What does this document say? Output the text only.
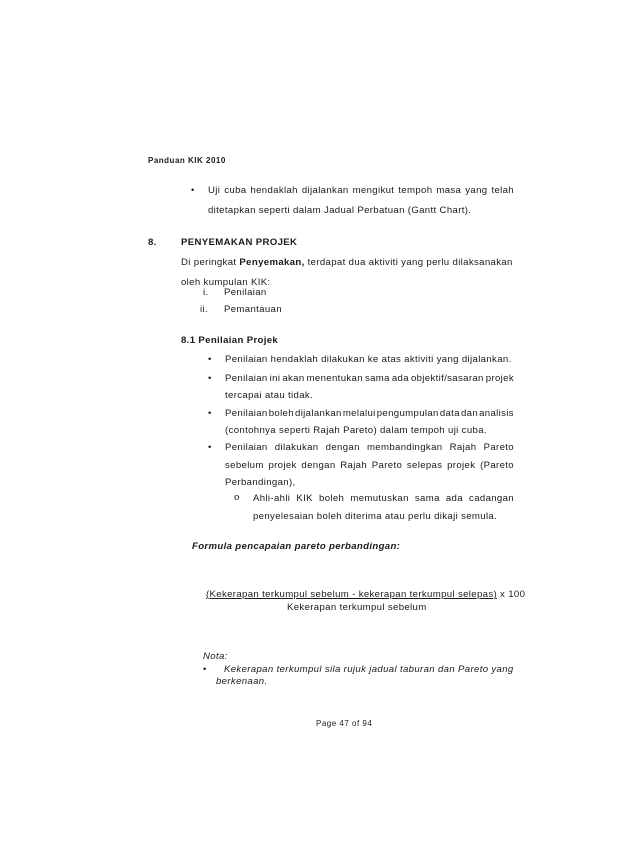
Panduan KIK 2010
• Uji cuba hendaklah dijalankan mengikut tempoh masa yang telah
ditetapkan seperti dalam Jadual Perbatuan (Gantt Chart).
8.	PENYEMAKAN PROJEK
Di peringkat Penyemakan, terdapat dua aktiviti yang perlu dilaksanakan
oleh kumpulan KIK:
i. Penilaian
ii. Pemantauan
8.1 Penilaian Projek
• Penilaian hendaklah dilakukan ke atas aktiviti yang dijalankan.
• Penilaian ini akan menentukan sama ada objektif/sasaran projek
tercapai atau tidak.
• Penilaian boleh dijalankan melalui pengumpulan data dan analisis
(contohnya seperti Rajah Pareto) dalam tempoh uji cuba.
• Penilaian dilakukan dengan membandingkan Rajah Pareto
sebelum projek dengan Rajah Pareto selepas projek (Pareto
Perbandingan),
o Ahli-ahli KIK boleh memutuskan sama ada cadangan
penyelesaian boleh diterima atau perlu dikaji semula.
Formula pencapaian pareto perbandingan:
(Kekerapan terkumpul sebelum - kekerapan terkumpul selepas) x 100
Kekerapan terkumpul sebelum
Nota:
• Kekerapan terkumpul sila rujuk jadual taburan dan Pareto yang
berkenaan.
Page 47 of 94
